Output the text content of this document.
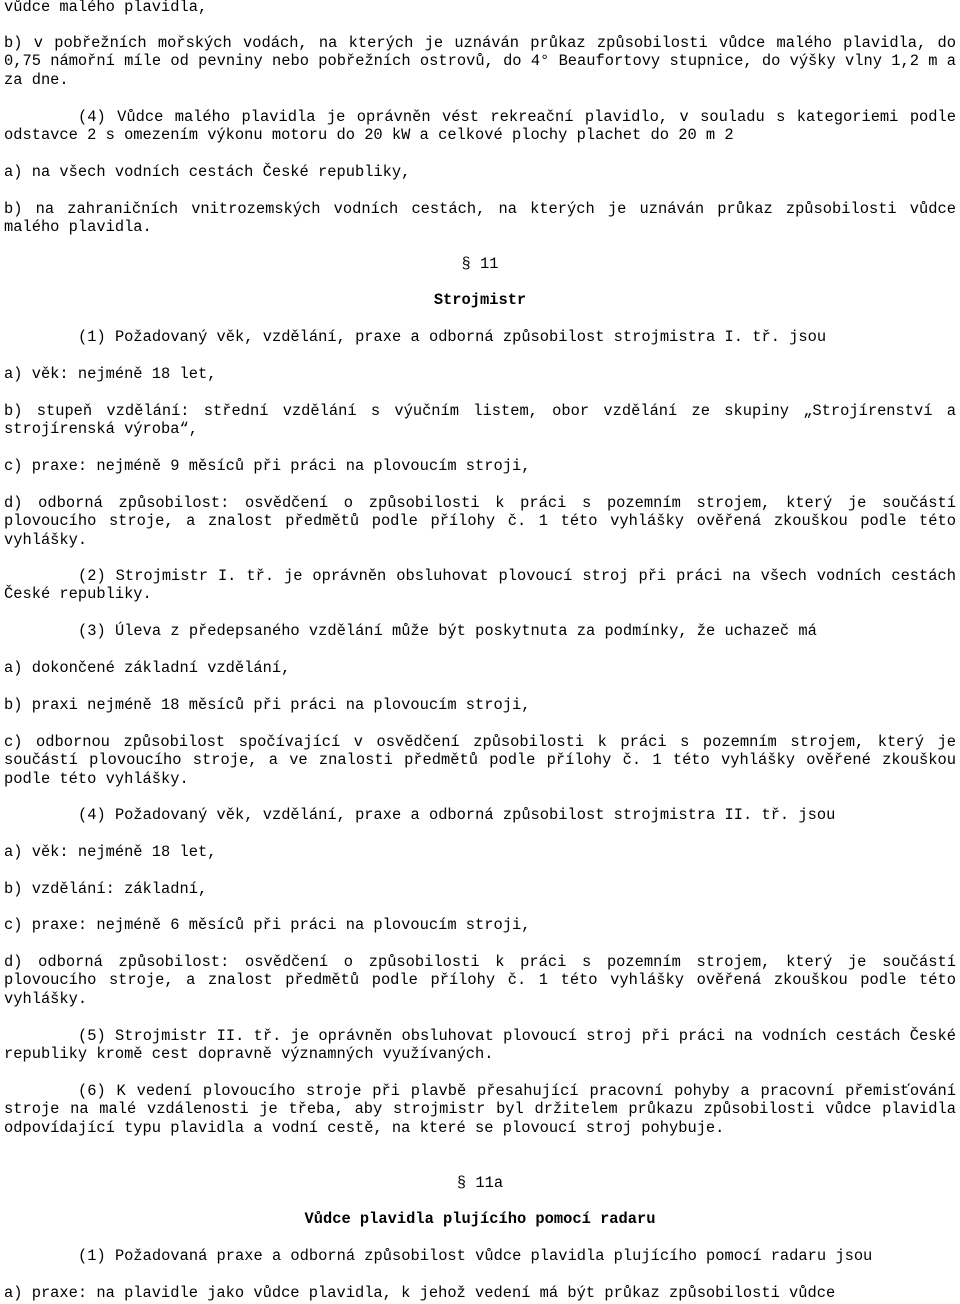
vůdce malého plavidla,

b) v pobřežních mořských vodách, na kterých je uznáván průkaz způsobilosti vůdce malého plavidla, do 0,75 námořní míle od pevniny nebo pobřežních ostrovů, do 4° Beaufortovy stupnice, do výšky vlny 1,2 m a za dne.

(4) Vůdce malého plavidla je oprávněn vést rekreační plavidlo, v souladu s kategoriemi podle odstavce 2 s omezením výkonu motoru do 20 kW a celkové plochy plachet do 20 m 2

a) na všech vodních cestách České republiky,

b) na zahraničních vnitrozemských vodních cestách, na kterých je uznáván průkaz způsobilosti vůdce malého plavidla.

§ 11

Strojmistr

(1) Požadovaný věk, vzdělání, praxe a odborná způsobilost strojmistra I. tř. jsou

a) věk: nejméně 18 let,

b) stupeň vzdělání: střední vzdělání s výučním listem, obor vzdělání ze skupiny „Strojírenství a strojírenská výroba“,

c) praxe: nejméně 9 měsíců při práci na plovoucím stroji,

d) odborná způsobilost: osvědčení o způsobilosti k práci s pozemním strojem, který je součástí plovoucího stroje, a znalost předmětů podle přílohy č. 1 této vyhlášky ověřená zkouškou podle této vyhlášky.

(2) Strojmistr I. tř. je oprávněn obsluhovat plovoucí stroj při práci na všech vodních cestách České republiky.

(3) Úleva z předepsaného vzdělání může být poskytnuta za podmínky, že uchazeč má

a) dokončené základní vzdělání,

b) praxi nejméně 18 měsíců při práci na plovoucím stroji,

c) odbornou způsobilost spočívající v osvědčení způsobilosti k práci s pozemním strojem, který je součástí plovoucího stroje, a ve znalosti předmětů podle přílohy č. 1 této vyhlášky ověřené zkouškou podle této vyhlášky.

(4) Požadovaný věk, vzdělání, praxe a odborná způsobilost strojmistra II. tř. jsou

a) věk: nejméně 18 let,

b) vzdělání: základní,

c) praxe: nejméně 6 měsíců při práci na plovoucím stroji,

d) odborná způsobilost: osvědčení o způsobilosti k práci s pozemním strojem, který je součástí plovoucího stroje, a znalost předmětů podle přílohy č. 1 této vyhlášky ověřená zkouškou podle této vyhlášky.

(5) Strojmistr II. tř. je oprávněn obsluhovat plovoucí stroj při práci na vodních cestách České republiky kromě cest dopravně významných využívaných.

(6) K vedení plovoucího stroje při plavbě přesahující pracovní pohyby a pracovní přemisťování stroje na malé vzdálenosti je třeba, aby strojmistr byl držitelem průkazu způsobilosti vůdce plavidla odpovídající typu plavidla a vodní cestě, na které se plovoucí stroj pohybuje.

§ 11a

Vůdce plavidla plujícího pomocí radaru

(1) Požadovaná praxe a odborná způsobilost vůdce plavidla plujícího pomocí radaru jsou

a) praxe: na plavidle jako vůdce plavidla, k jehož vedení má být průkaz způsobilosti vůdce
